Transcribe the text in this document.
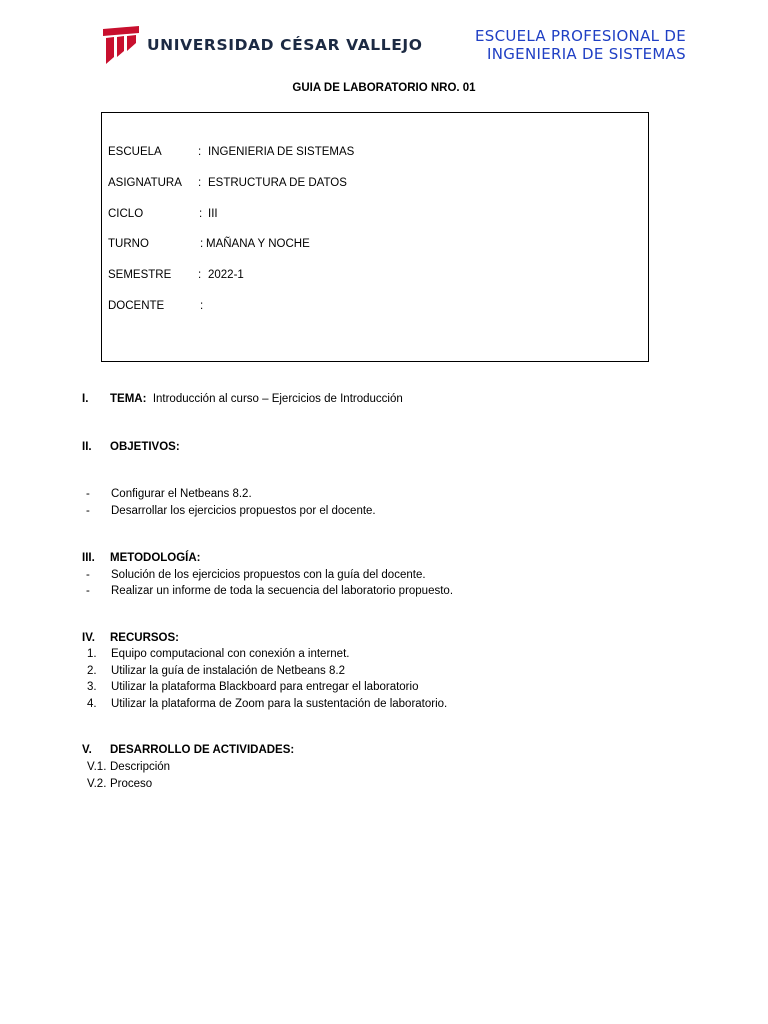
UNIVERSIDAD CÉSAR VALLEJO	ESCUELA PROFESIONAL DE
INGENIERIA DE SISTEMAS
GUIA DE LABORATORIO NRO. 01
ESCUELA	: INGENIERIA DE SISTEMAS
ASIGNATURA : ESTRUCTURA DE DATOS
CICLO	: III
TURNO	: MAÑANA Y NOCHE
SEMESTRE : 2022-1
DOCENTE	:
I. TEMA: Introducción al curso – Ejercicios de Introducción
II. OBJETIVOS:
- Configurar el Netbeans 8.2.
- Desarrollar los ejercicios propuestos por el docente.
III. METODOLOGÍA:
- Solución de los ejercicios propuestos con la guía del docente.
- Realizar un informe de toda la secuencia del laboratorio propuesto.
IV. RECURSOS:
1. Equipo computacional con conexión a internet.
2. Utilizar la guía de instalación de Netbeans 8.2
3. Utilizar la plataforma Blackboard para entregar el laboratorio
4. Utilizar la plataforma de Zoom para la sustentación de laboratorio.
V. DESARROLLO DE ACTIVIDADES:
V.1. Descripción
V.2. Proceso
